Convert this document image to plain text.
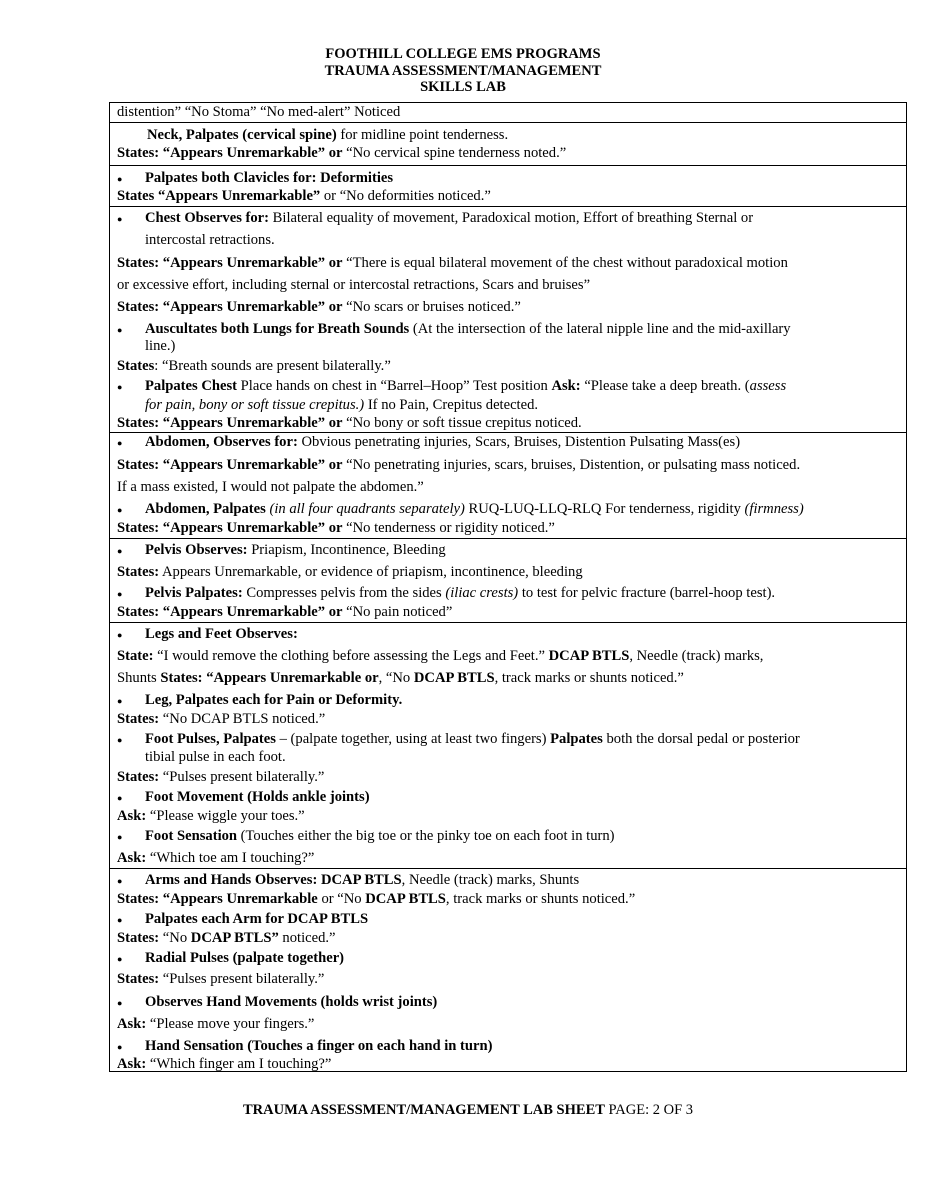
FOOTHILL COLLEGE EMS PROGRAMS
TRAUMA ASSESSMENT/MANAGEMENT
SKILLS LAB
distention” “No Stoma” “No med-alert” Noticed
Neck, Palpates (cervical spine) for midline point tenderness.
States: “Appears Unremarkable” or “No cervical spine tenderness noted.”
● Palpates both Clavicles for: Deformities
States “Appears Unremarkable” or “No deformities noticed.”
● Chest Observes for: Bilateral equality of movement, Paradoxical motion, Effort of breathing Sternal or
intercostal retractions.
States: “Appears Unremarkable” or “There is equal bilateral movement of the chest without paradoxical motion
or excessive effort, including sternal or intercostal retractions, Scars and bruises”
States: “Appears Unremarkable” or “No scars or bruises noticed.”
● Auscultates both Lungs for Breath Sounds (At the intersection of the lateral nipple line and the mid-axillary
line.)
States: “Breath sounds are present bilaterally.”
● Palpates Chest Place hands on chest in “Barrel–Hoop” Test position Ask: “Please take a deep breath. (assess
for pain, bony or soft tissue crepitus.) If no Pain, Crepitus detected.
States: “Appears Unremarkable” or “No bony or soft tissue crepitus noticed.
● Abdomen, Observes for: Obvious penetrating injuries, Scars, Bruises, Distention Pulsating Mass(es)
States: “Appears Unremarkable” or “No penetrating injuries, scars, bruises, Distention, or pulsating mass noticed.
If a mass existed, I would not palpate the abdomen.”
● Abdomen, Palpates (in all four quadrants separately) RUQ-LUQ-LLQ-RLQ For tenderness, rigidity (firmness)
States: “Appears Unremarkable” or “No tenderness or rigidity noticed.”
● Pelvis Observes: Priapism, Incontinence, Bleeding
States: Appears Unremarkable, or evidence of priapism, incontinence, bleeding
● Pelvis Palpates: Compresses pelvis from the sides (iliac crests) to test for pelvic fracture (barrel-hoop test).
States: “Appears Unremarkable” or “No pain noticed”
● Legs and Feet Observes:
State: “I would remove the clothing before assessing the Legs and Feet.” DCAP BTLS, Needle (track) marks,
Shunts States: “Appears Unremarkable or, “No DCAP BTLS, track marks or shunts noticed.”
● Leg, Palpates each for Pain or Deformity.
States: “No DCAP BTLS noticed.”
● Foot Pulses, Palpates – (palpate together, using at least two fingers) Palpates both the dorsal pedal or posterior
tibial pulse in each foot.
States: “Pulses present bilaterally.”
● Foot Movement (Holds ankle joints)
Ask: “Please wiggle your toes.”
● Foot Sensation (Touches either the big toe or the pinky toe on each foot in turn)
Ask: “Which toe am I touching?”
● Arms and Hands Observes: DCAP BTLS, Needle (track) marks, Shunts
States: “Appears Unremarkable or “No DCAP BTLS, track marks or shunts noticed.”
● Palpates each Arm for DCAP BTLS
States: “No DCAP BTLS” noticed.”
● Radial Pulses (palpate together)
States: “Pulses present bilaterally.”
● Observes Hand Movements (holds wrist joints)
Ask: “Please move your fingers.”
● Hand Sensation (Touches a finger on each hand in turn)
Ask: “Which finger am I touching?”
TRAUMA ASSESSMENT/MANAGEMENT LAB SHEET PAGE: 2 OF 3
